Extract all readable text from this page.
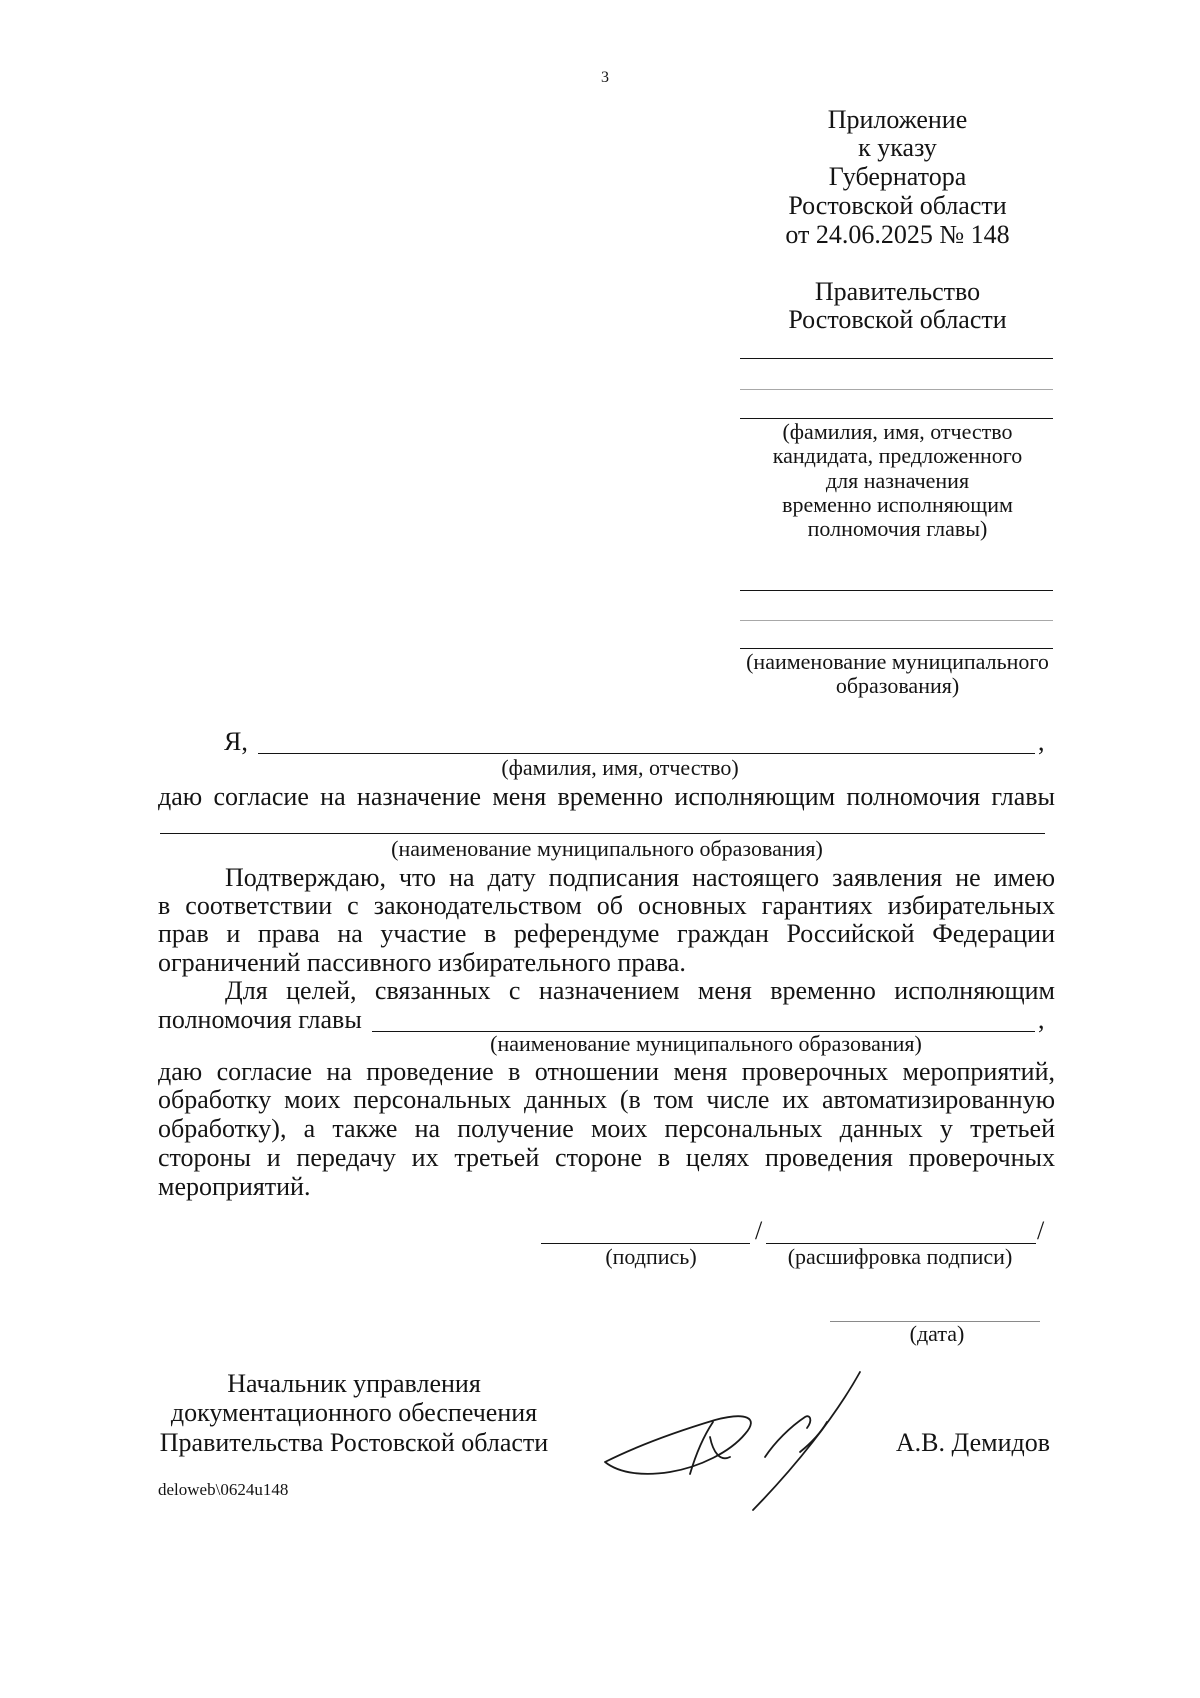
3
Приложение
к указу
Губернатора
Ростовской области
от 24.06.2025 № 148
Правительство
Ростовской области
(фамилия, имя, отчество
кандидата, предложенного
для назначения
временно исполняющим
полномочия главы)
(наименование муниципального
образования)
Я,	,
(фамилия, имя, отчество)
даю согласие на назначение меня временно исполняющим полномочия главы
(наименование муниципального образования)
Подтверждаю, что на дату подписания настоящего заявления не имею
в соответствии с законодательством об основных гарантиях избирательных
прав и права на участие в референдуме граждан Российской Федерации
ограничений пассивного избирательного права.
Для целей, связанных с назначением меня временно исполняющим
полномочия главы	,
(наименование муниципального образования)
даю согласие на проведение в отношении меня проверочных мероприятий,
обработку моих персональных данных (в том числе их автоматизированную
обработку), а также на получение моих персональных данных у третьей
стороны и передачу их третьей стороне в целях проведения проверочных
мероприятий.
/	/
(подпись)	(расшифровка подписи)
(дата)
Начальник управления
документационного обеспечения
Правительства Ростовской области	А.В. Демидов
deloweb\0624u148
